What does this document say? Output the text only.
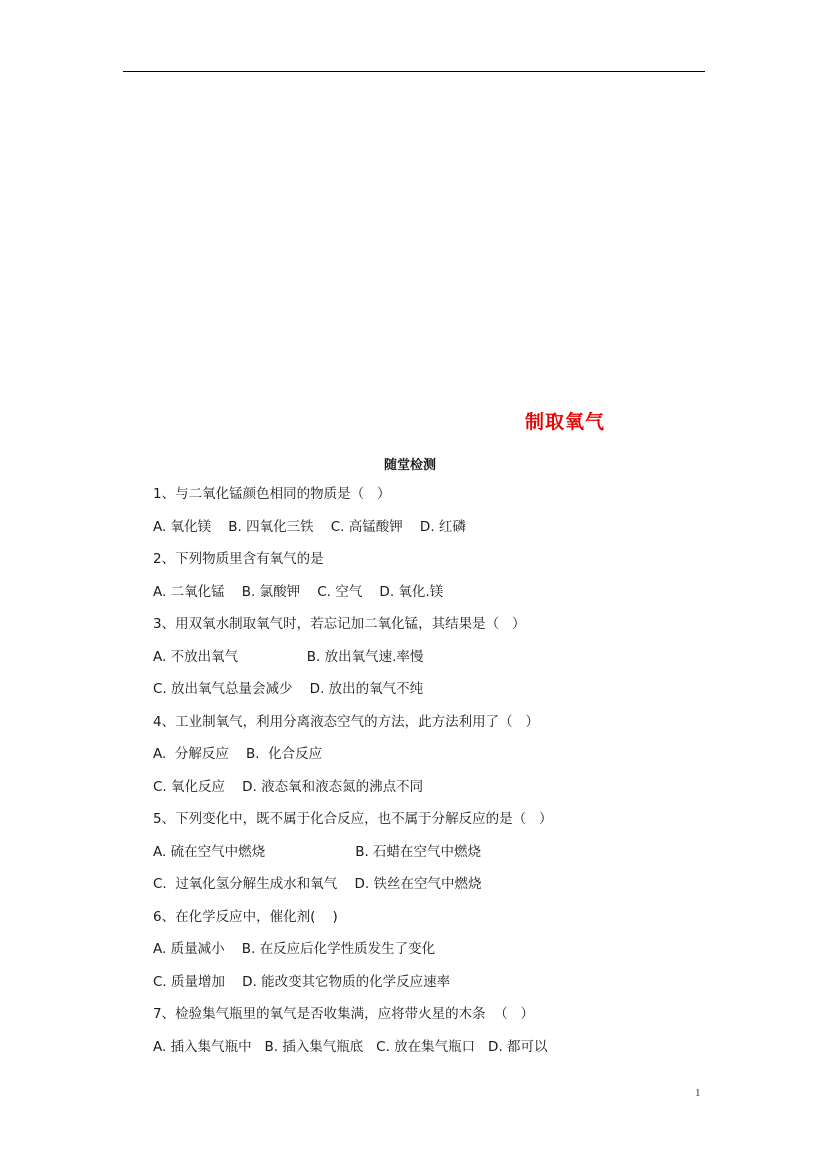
制取氧气
随堂检测
1、与二氧化锰颜色相同的物质是（   ）
A. 氧化镁    B. 四氧化三铁    C. 高锰酸钾    D. 红磷
2、下列物质里含有氧气的是
A. 二氧化锰    B. 氯酸钾    C. 空气    D. 氧化.镁
3、用双氧水制取氧气时，若忘记加二氧化锰，其结果是（   ）
A. 不放出氧气                B. 放出氧气速.率慢
C. 放出氧气总量会减少    D. 放出的氧气不纯
4、工业制氧气，利用分离液态空气的方法，此方法利用了（   ）
A.  分解反应    B.  化合反应
C. 氧化反应    D. 液态氧和液态氮的沸点不同
5、下列变化中，既不属于化合反应，也不属于分解反应的是（   ）
A. 硫在空气中燃烧                     B. 石蜡在空气中燃烧
C.  过氧化氢分解生成水和氧气    D. 铁丝在空气中燃烧
6、在化学反应中，催化剂(    )
A. 质量减小    B. 在反应后化学性质发生了变化
C. 质量增加    D. 能改变其它物质的化学反应速率
7、检验集气瓶里的氧气是否收集满，应将带火星的木条  （   ）
A. 插入集气瓶中   B. 插入集气瓶底   C. 放在集气瓶口   D. 都可以
1
